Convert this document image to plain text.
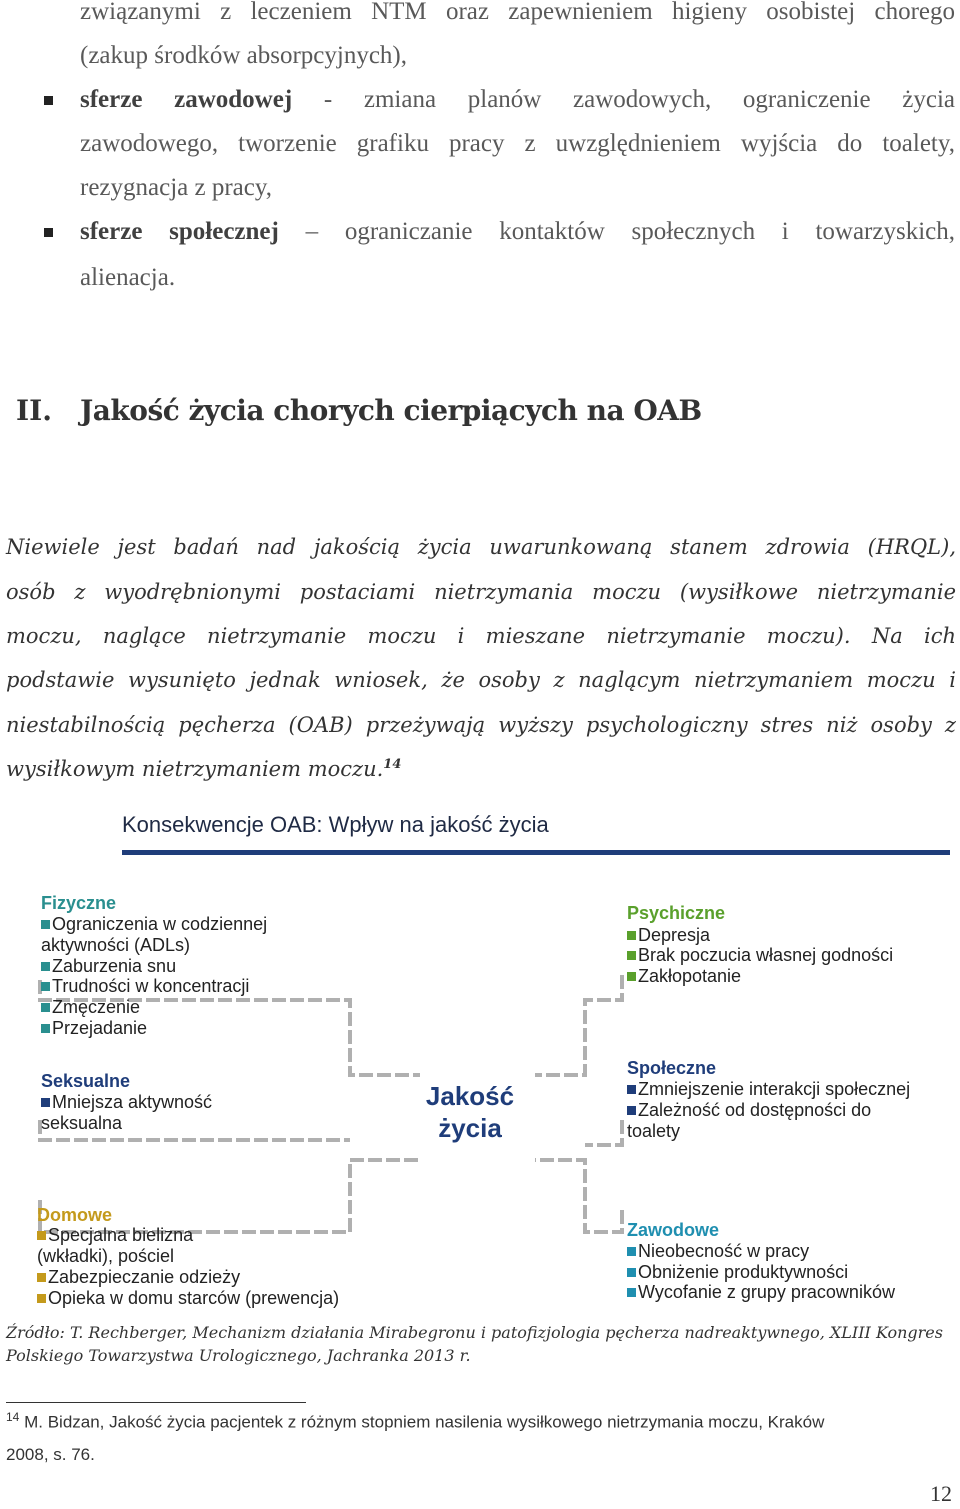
związanymi z leczeniem NTM oraz zapewnieniem higieny osobistej chorego
(zakup środków absorpcyjnych),
sferze zawodowej - zmiana planów zawodowych, ograniczenie życia
zawodowego, tworzenie grafiku pracy z uwzględnieniem wyjścia do toalety,
rezygnacja z pracy,
sferze społecznej – ograniczanie kontaktów społecznych i towarzyskich,
alienacja.
II. Jakość życia chorych cierpiących na OAB
Niewiele jest badań nad jakością życia uwarunkowaną stanem zdrowia (HRQL),
osób z wyodrębnionymi postaciami nietrzymania moczu (wysiłkowe nietrzymanie
moczu, naglące nietrzymanie moczu i mieszane nietrzymanie moczu). Na ich
podstawie wysunięto jednak wniosek, że osoby z naglącym nietrzymaniem moczu i
niestabilnością pęcherza (OAB) przeżywają wyższy psychologiczny stres niż osoby z
wysiłkowym nietrzymaniem moczu.$^{14}$
Konsekwencje OAB: Wpływ na jakość życia
Jakość
życia
Fizyczne
Ograniczenia w codziennej
aktywności (ADLs)
Zaburzenia snu
Trudności w koncentracji
Zmęczenie
Przejadanie
Psychiczne
Depresja
Brak poczucia własnej godności
Zakłopotanie
Seksualne
Mniejsza aktywność
seksualna
Społeczne
Zmniejszenie interakcji społecznej
Zależność od dostępności do
toalety
Domowe
Specjalna bielizna
(wkładki), pościel
Zabezpieczanie odzieży
Opieka w domu starców (prewencja)
Zawodowe
Nieobecność w pracy
Obniżenie produktywności
Wycofanie z grupy pracowników
Źródło: T. Rechberger, Mechanizm działania Mirabegronu i patofizjologia pęcherza nadreaktywnego, XLIII Kongres
Polskiego Towarzystwa Urologicznego, Jachranka 2013 r.
$^{14}$ M. Bidzan, Jakość życia pacjentek z różnym stopniem nasilenia wysiłkowego nietrzymania moczu, Kraków
2008, s. 76.
12
